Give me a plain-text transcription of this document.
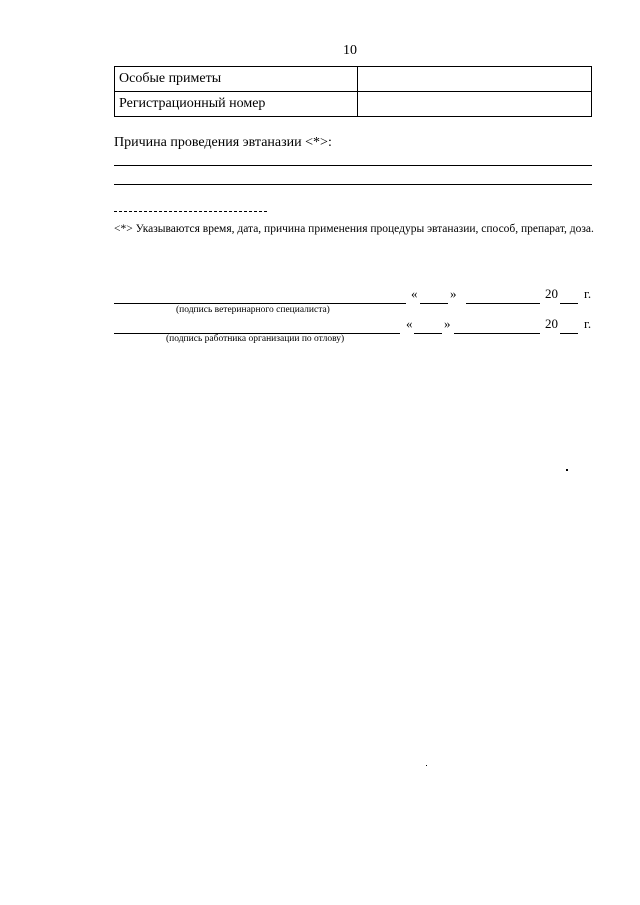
10
Особые приметы	
Регистрационный номер	
Причина проведения эвтаназии <*>:
<*> Указываются время, дата, причина применения процедуры эвтаназии, способ, препарат, доза.
«	»	20 г.
(подпись ветеринарного специалиста)
« »	20 г.
(подпись работника организации по отлову)
